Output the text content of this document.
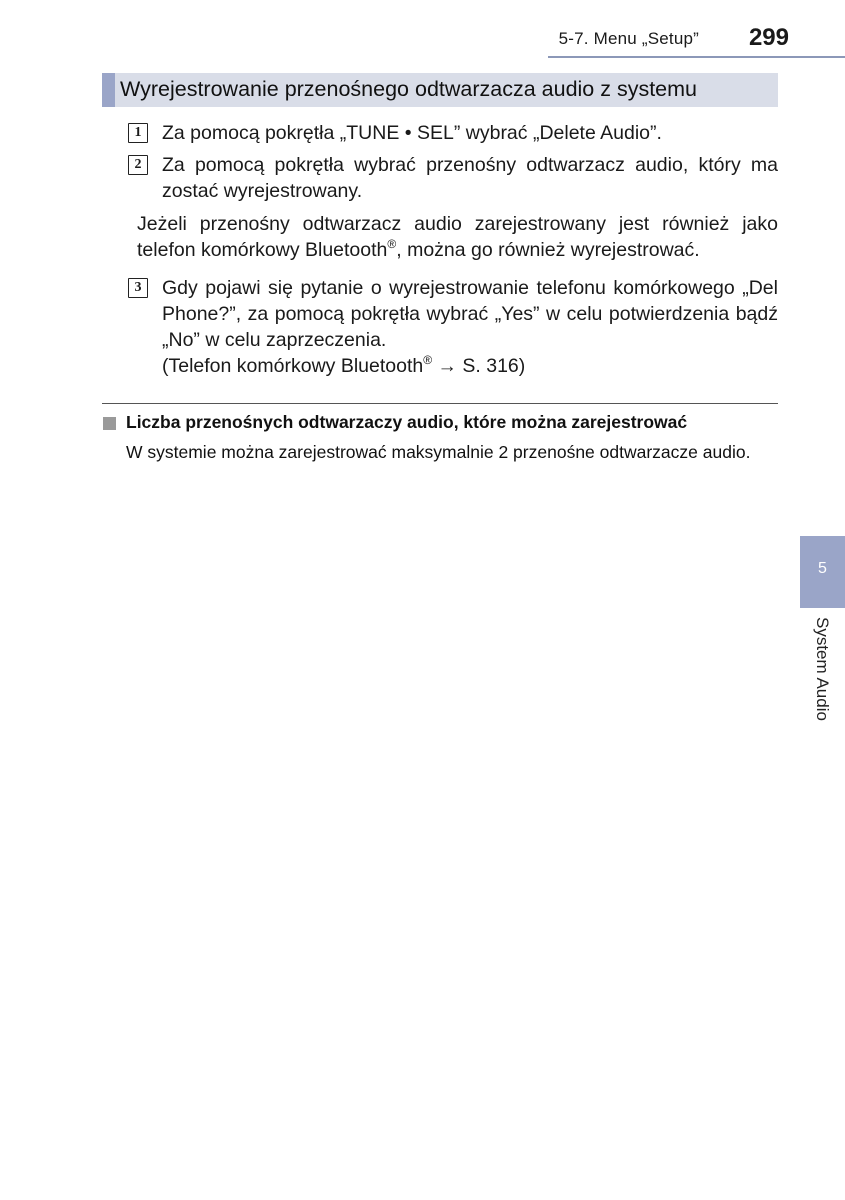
5-7. Menu „Setup” 299
Wyrejestrowanie przenośnego odtwarzacza audio z systemu
1	Za pomocą pokrętła „TUNE • SEL” wybrać „Delete Audio”.
2	Za pomocą pokrętła wybrać przenośny odtwarzacz audio, który ma zostać wyrejestrowany.
Jeżeli przenośny odtwarzacz audio zarejestrowany jest również jako telefon komórkowy Bluetooth®, można go również wyrejestrować.
3	Gdy pojawi się pytanie o wyrejestrowanie telefonu komórkowego „Del Phone?”, za pomocą pokrętła wybrać „Yes” w celu potwierdzenia bądź „No” w celu zaprzeczenia.
(Telefon komórkowy Bluetooth® → S. 316)
Liczba przenośnych odtwarzaczy audio, które można zarejestrować
W systemie można zarejestrować maksymalnie 2 przenośne odtwarzacze audio.
5
System Audio
